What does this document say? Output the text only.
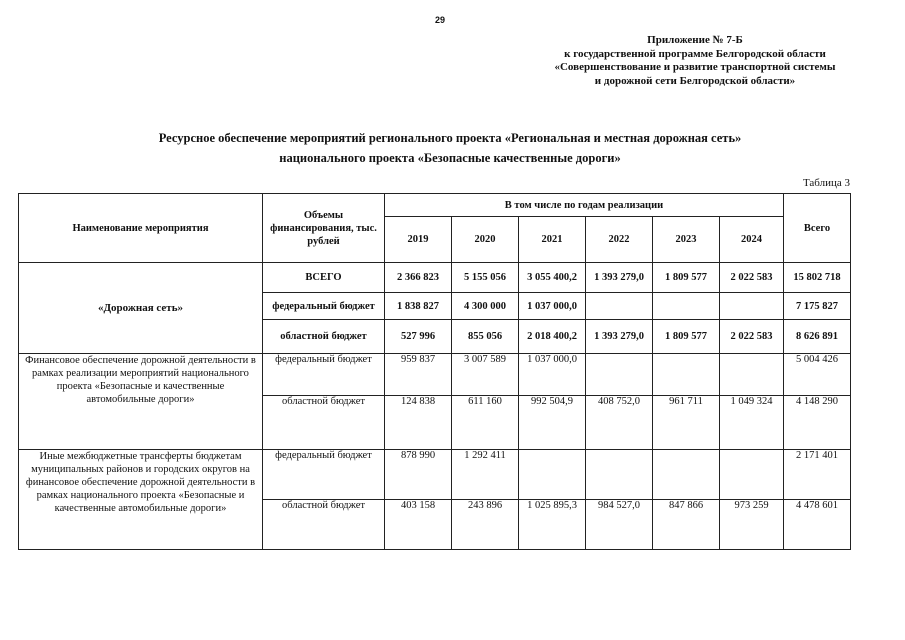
29
Приложение № 7-Б
к государственной программе Белгородской области
«Совершенствование и развитие транспортной системы
и дорожной сети Белгородской области»
Ресурсное обеспечение мероприятий регионального проекта «Региональная и местная дорожная сеть»
национального проекта «Безопасные качественные дороги»
Таблица 3
Наименование мероприятия	Объемы финансирования, тыс. рублей	В том числе по годам реализации						Всего
		2019	2020	2021	2022	2023	2024	
«Дорожная сеть»	ВСЕГО	2 366 823	5 155 056	3 055 400,2	1 393 279,0	1 809 577	2 022 583	15 802 718
	федеральный бюджет	1 838 827	4 300 000	1 037 000,0				7 175 827
	областной бюджет	527 996	855 056	2 018 400,2	1 393 279,0	1 809 577	2 022 583	8 626 891
Финансовое обеспечение дорожной деятельности в рамках реализации мероприятий национального проекта «Безопасные и качественные автомобильные дороги»	федеральный бюджет	959 837	3 007 589	1 037 000,0				5 004 426
	областной бюджет	124 838	611 160	992 504,9	408 752,0	961 711	1 049 324	4 148 290
Иные межбюджетные трансферты бюджетам муниципальных районов и городских округов на финансовое обеспечение дорожной деятельности в рамках национального проекта «Безопасные и качественные автомобильные дороги»	федеральный бюджет	878 990	1 292 411					2 171 401
	областной бюджет	403 158	243 896	1 025 895,3	984 527,0	847 866	973 259	4 478 601
